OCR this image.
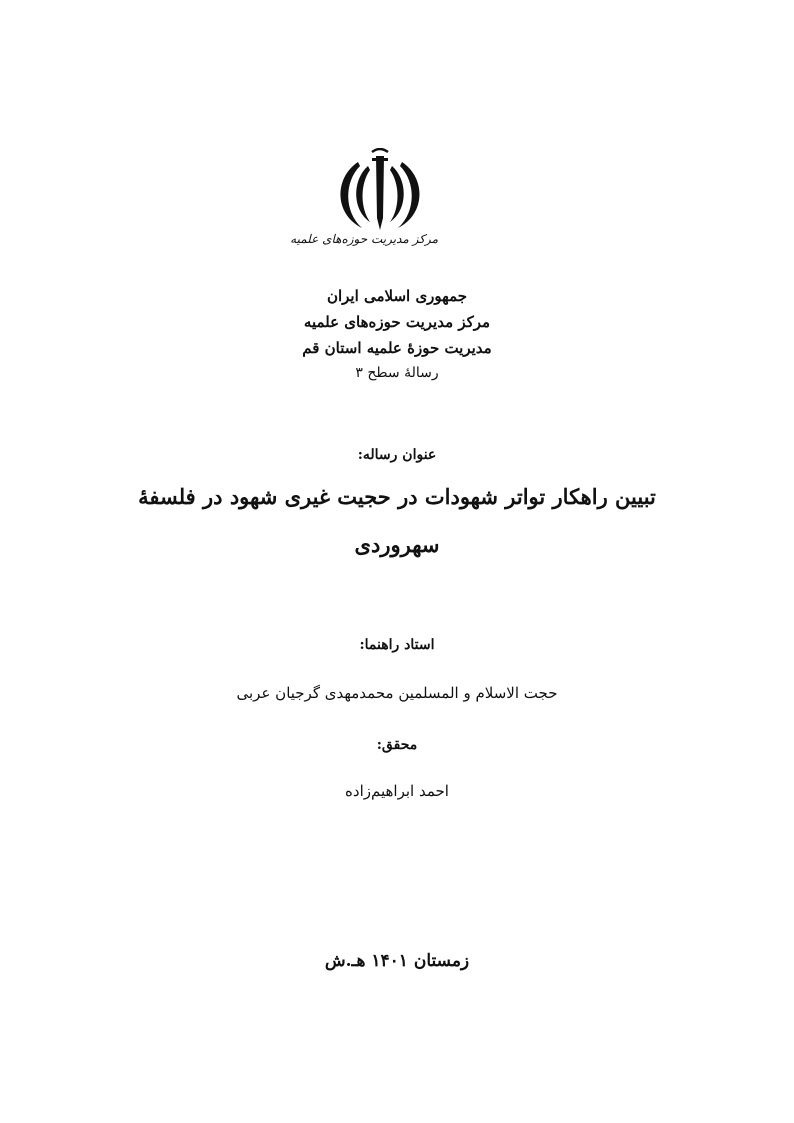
مرکز مدیریت حوزه‌های علمیه
جمهوری اسلامی ایران
مرکز مدیریت حوزه‌های علمیه
مدیریت حوزۀ علمیه استان قم
رسالۀ سطح ۳
عنوان رساله:
تبیین راهکار تواتر شهودات در حجیت غیری شهود در فلسفۀ
سهروردی
استاد راهنما:
حجت الاسلام و المسلمین محمدمهدی گرجیان عربی
محقق:
احمد ابراهیم‌زاده
زمستان ۱۴۰۱ هـ.ش
